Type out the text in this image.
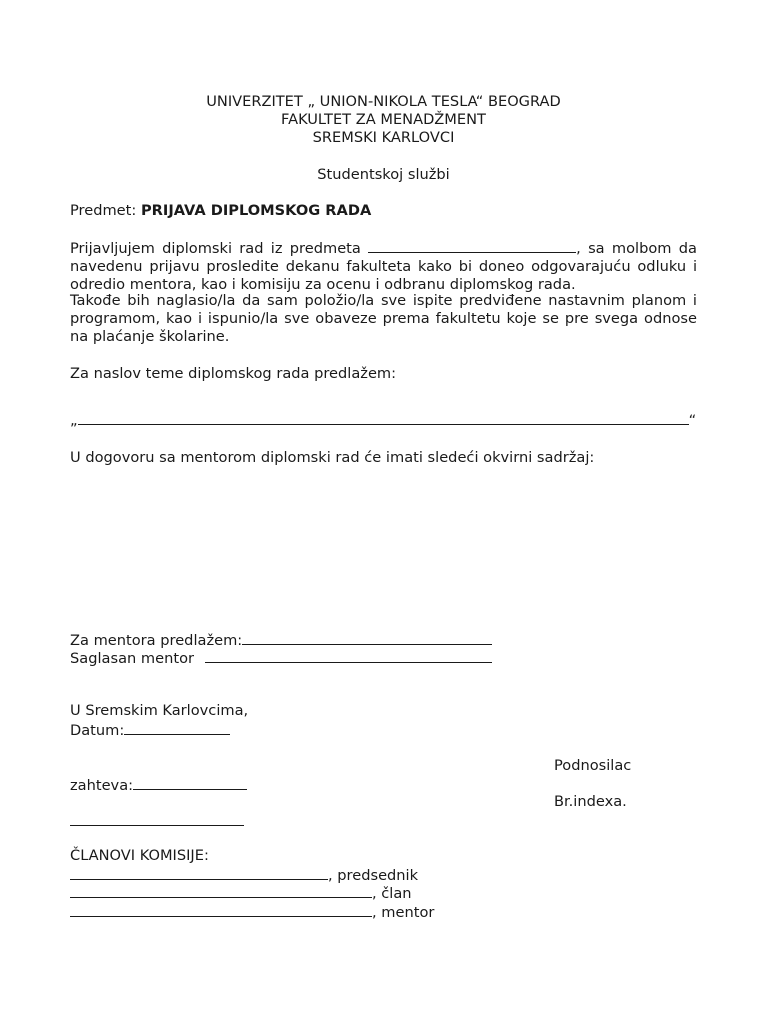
UNIVERZITET „ UNION-NIKOLA TESLA“ BEOGRAD
FAKULTET ZA MENADŽMENT
SREMSKI KARLOVCI
Studentskoj službi
Predmet: PRIJAVA DIPLOMSKOG RADA
Prijavljujem diplomski rad iz predmeta	, sa molbom da navedenu prijavu prosledite dekanu fakulteta kako bi doneo odgovarajuću odluku i odredio mentora, kao i komisiju za ocenu i odbranu diplomskog rada.
Takođe bih naglasio/la da sam položio/la sve ispite predviđene nastavnim planom i programom, kao i ispunio/la sve obaveze prema fakultetu koje se pre svega odnose na plaćanje školarine.
Za naslov teme diplomskog rada predlažem:
„	“
U dogovoru sa mentorom diplomski rad će imati sledeći okvirni sadržaj:
Za mentora predlažem:
Saglasan mentor
U Sremskim Karlovcima,
Datum:
Podnosilac
zahteva:
Br.indexa.
ČLANOVI KOMISIJE:
, predsednik
, član
, mentor
